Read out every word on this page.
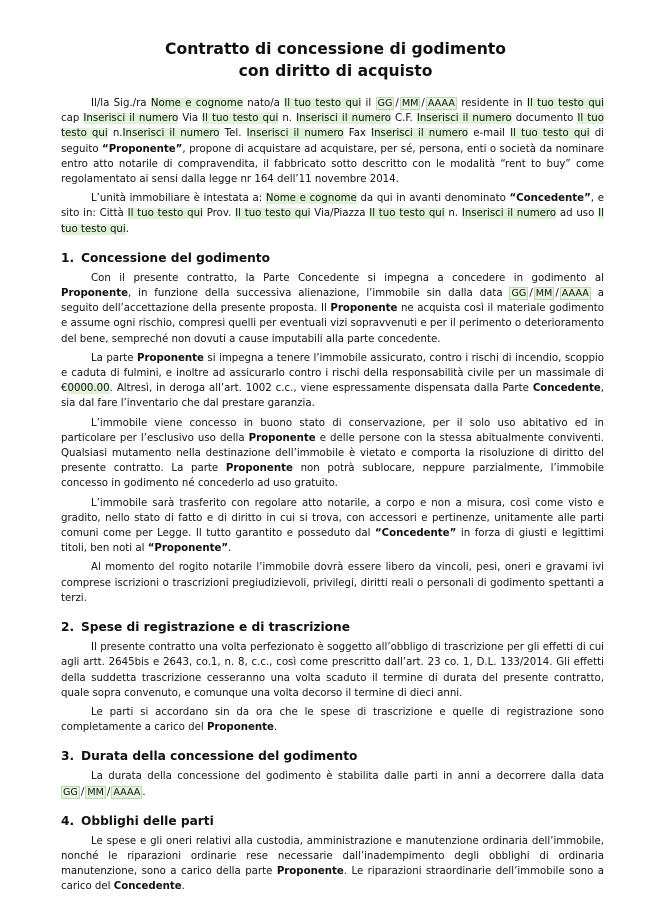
Contratto di concessione di godimento
con diritto di acquisto

Il/la Sig./ra Nome e cognome nato/a Il tuo testo qui il GG / MM / AAAA residente in Il tuo testo qui cap Inserisci il numero Via Il tuo testo qui n. Inserisci il numero C.F. Inserisci il numero documento Il tuo testo qui n.Inserisci il numero Tel. Inserisci il numero Fax Inserisci il numero e-mail Il tuo testo qui di seguito “Proponente”, propone di acquistare ad acquistare, per sé, persona, enti o società da nominare entro atto notarile di compravendita, il fabbricato sotto descritto con le modalità “rent to buy” come regolamentato ai sensi dalla legge nr 164 dell’11 novembre 2014.

L’unità immobiliare è intestata a: Nome e cognome da qui in avanti denominato “Concedente”, e sito in: Città Il tuo testo qui Prov. Il tuo testo qui Via/Piazza Il tuo testo qui n. Inserisci il numero ad uso Il tuo testo qui.

1. Concessione del godimento

Con il presente contratto, la Parte Concedente si impegna a concedere in godimento al Proponente, in funzione della successiva alienazione, l’immobile sin dalla data GG / MM / AAAA a seguito dell’accettazione della presente proposta. Il Proponente ne acquista così il materiale godimento e assume ogni rischio, compresi quelli per eventuali vizi sopravvenuti e per il perimento o deterioramento del bene, sempreché non dovuti a cause imputabili alla parte concedente.

La parte Proponente si impegna a tenere l’immobile assicurato, contro i rischi di incendio, scoppio e caduta di fulmini, e inoltre ad assicurarlo contro i rischi della responsabilità civile per un massimale di €0000.00. Altresì, in deroga all’art. 1002 c.c., viene espressamente dispensata dalla Parte Concedente, sia dal fare l’inventario che dal prestare garanzia.

L’immobile viene concesso in buono stato di conservazione, per il solo uso abitativo ed in particolare per l’esclusivo uso della Proponente e delle persone con la stessa abitualmente conviventi. Qualsiasi mutamento nella destinazione dell’immobile è vietato e comporta la risoluzione di diritto del presente contratto. La parte Proponente non potrà sublocare, neppure parzialmente, l’immobile concesso in godimento né concederlo ad uso gratuito.

L’immobile sarà trasferito con regolare atto notarile, a corpo e non a misura, così come visto e gradito, nello stato di fatto e di diritto in cui si trova, con accessori e pertinenze, unitamente alle parti comuni come per Legge. Il tutto garantito e posseduto dal “Concedente” in forza di giusti e legittimi titoli, ben noti al “Proponente”.

Al momento del rogito notarile l’immobile dovrà essere libero da vincoli, pesi, oneri e gravami ivi comprese iscrizioni o trascrizioni pregiudizievoli, privilegi, diritti reali o personali di godimento spettanti a terzi.

2. Spese di registrazione e di trascrizione

Il presente contratto una volta perfezionato è soggetto all’obbligo di trascrizione per gli effetti di cui agli artt. 2645bis e 2643, co.1, n. 8, c.c., così come prescritto dall’art. 23 co. 1, D.L. 133/2014. Gli effetti della suddetta trascrizione cesseranno una volta scaduto il termine di durata del presente contratto, quale sopra convenuto, e comunque una volta decorso il termine di dieci anni.

Le parti si accordano sin da ora che le spese di trascrizione e quelle di registrazione sono completamente a carico del Proponente.

3. Durata della concessione del godimento

La durata della concessione del godimento è stabilita dalle parti in anni a decorrere dalla data GG / MM / AAAA .

4. Obblighi delle parti

Le spese e gli oneri relativi alla custodia, amministrazione e manutenzione ordinaria dell’immobile, nonché le riparazioni ordinarie rese necessarie dall’inadempimento degli obblighi di ordinaria manutenzione, sono a carico della parte Proponente. Le riparazioni straordinarie dell’immobile sono a carico del Concedente.
